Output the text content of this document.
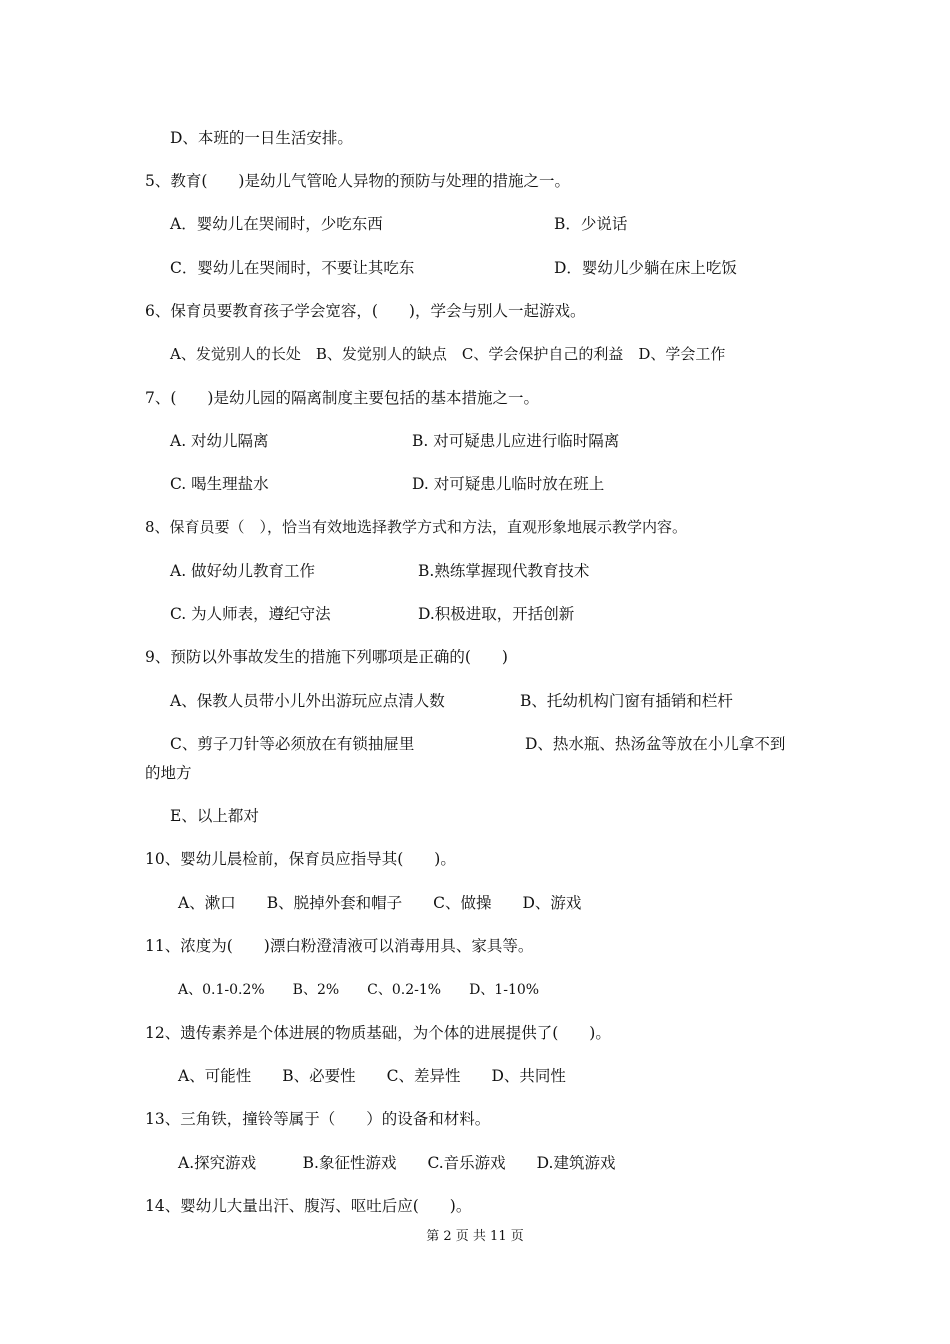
D、本班的一日生活安排。
5、教育(　　)是幼儿气管呛人异物的预防与处理的措施之一。
A．婴幼儿在哭闹时，少吃东西	B．少说话
C．婴幼儿在哭闹时，不要让其吃东	D．婴幼儿少躺在床上吃饭
6、保育员要教育孩子学会宽容，(　　)，学会与别人一起游戏。
A、发觉别人的长处　B、发觉别人的缺点　C、学会保护自己的利益　D、学会工作
7、(　　)是幼儿园的隔离制度主要包括的基本措施之一。
A. 对幼儿隔离	B. 对可疑患儿应进行临时隔离
C. 喝生理盐水	D. 对可疑患儿临时放在班上
8、保育员要（　），恰当有效地选择教学方式和方法，直观形象地展示教学内容。
A. 做好幼儿教育工作	B.熟练掌握现代教育技术
C. 为人师表，遵纪守法	D.积极进取，开括创新
9、预防以外事故发生的措施下列哪项是正确的(　　)
A、保教人员带小儿外出游玩应点清人数	B、托幼机构门窗有插销和栏杆
C、剪子刀针等必须放在有锁抽屉里	D、热水瓶、热汤盆等放在小儿拿不到
的地方
E、以上都对
10、婴幼儿晨检前，保育员应指导其(　　)。
A、漱口　　B、脱掉外套和帽子　　C、做操　　D、游戏
11、浓度为(　　)漂白粉澄清液可以消毒用具、家具等。
A、0.1-0.2%　　B、2%　　C、0.2-1%　　D、1-10%
12、遗传素养是个体进展的物质基础，为个体的进展提供了(　　)。
A、可能性　　B、必要性　　C、差异性　　D、共同性
13、三角铁，撞铃等属于（　　）的设备和材料。
A.探究游戏　　　B.象征性游戏　　C.音乐游戏　　D.建筑游戏
14、婴幼儿大量出汗、腹泻、呕吐后应(　　)。
第 2 页 共 11 页
